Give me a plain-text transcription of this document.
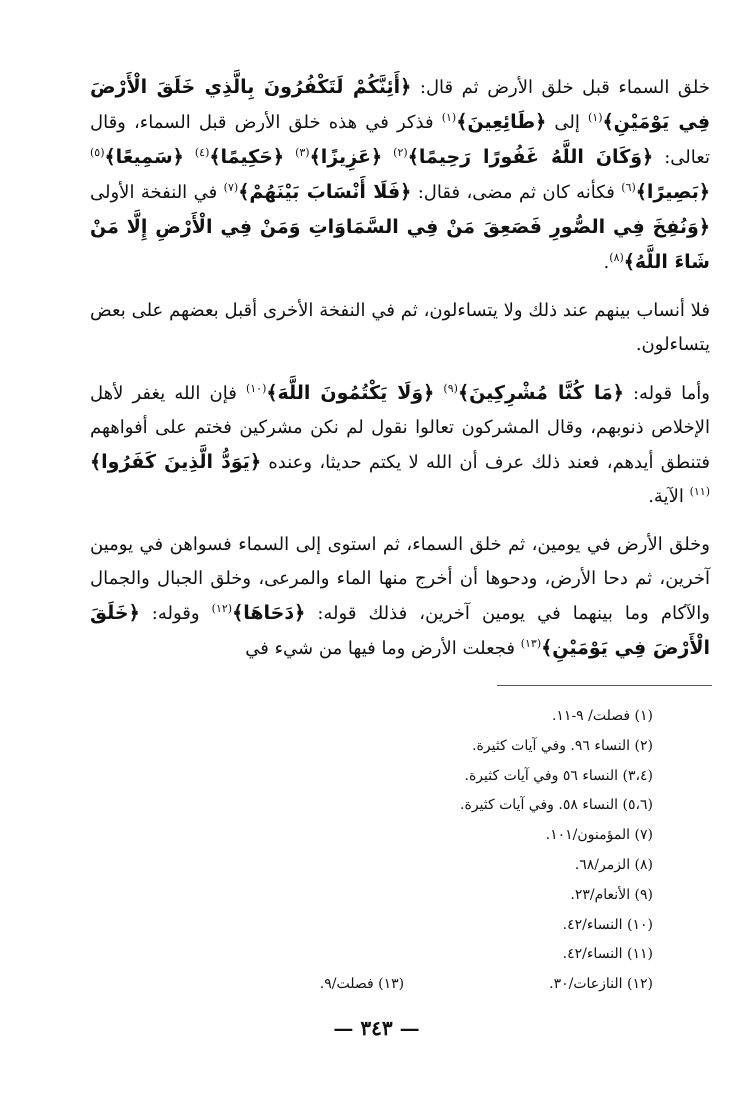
خلق السماء قبل خلق الأرض ثم قال: ﴿أَئِنَّكُمْ لَتَكْفُرُونَ بِالَّذِي خَلَقَ الْأَرْضَ فِي يَوْمَيْنِ﴾$^{(١)}$ إلى ﴿طَائِعِينَ﴾$^{(١)}$ فذكر في هذه خلق الأرض قبل السماء، وقال تعالى: ﴿وَكَانَ اللَّهُ غَفُورًا رَحِيمًا﴾$^{(٢)}$ ﴿عَزِيزًا﴾$^{(٣)}$ ﴿حَكِيمًا﴾$^{(٤)}$ ﴿سَمِيعًا﴾$^{(٥)}$ ﴿بَصِيرًا﴾$^{(٦)}$ فكأنه كان ثم مضى، فقال: ﴿فَلَا أَنْسَابَ بَيْنَهُمْ﴾$^{(٧)}$ في النفخة الأولى ﴿وَنُفِخَ فِي الصُّورِ فَصَعِقَ مَنْ فِي السَّمَاوَاتِ وَمَنْ فِي الْأَرْضِ إِلَّا مَنْ شَاءَ اللَّهُ﴾$^{(٨)}$.

فلا أنساب بينهم عند ذلك ولا يتساءلون، ثم في النفخة الأخرى أقبل بعضهم على بعض يتساءلون.

وأما قوله: ﴿مَا كُنَّا مُشْرِكِينَ﴾$^{(٩)}$ ﴿وَلَا يَكْتُمُونَ اللَّهَ﴾$^{(١٠)}$ فإن الله يغفر لأهل الإخلاص ذنوبهم، وقال المشركون تعالوا نقول لم نكن مشركين فختم على أفواههم فتنطق أيدهم، فعند ذلك عرف أن الله لا يكتم حديثا، وعنده ﴿يَوَدُّ الَّذِينَ كَفَرُوا﴾$^{(١١)}$ الآية.

وخلق الأرض في يومين، ثم خلق السماء، ثم استوى إلى السماء فسواهن في يومين آخرين، ثم دحا الأرض، ودحوها أن أخرج منها الماء والمرعى، وخلق الجبال والجمال والآكام وما بينهما في يومين آخرين، فذلك قوله: ﴿دَحَاهَا﴾$^{(١٢)}$ وقوله: ﴿خَلَقَ الْأَرْضَ فِي يَوْمَيْنِ﴾$^{(١٣)}$ فجعلت الأرض وما فيها من شيء في

(١) فصلت/ ٩-١١.
(٢) النساء ٩٦. وفي آيات كثيرة.
(٣،٤) النساء ٥٦ وفي آيات كثيرة.
(٥،٦) النساء ٥٨. وفي آيات كثيرة.
(٧) المؤمنون/١٠١.
(٨) الزمر/٦٨.
(٩) الأنعام/٢٣.
(١٠) النساء/٤٢.
(١١) النساء/٤٢.
(١٢) النازعات/٣٠.
(١٣) فصلت/٩.
— ٣٤٣ —
